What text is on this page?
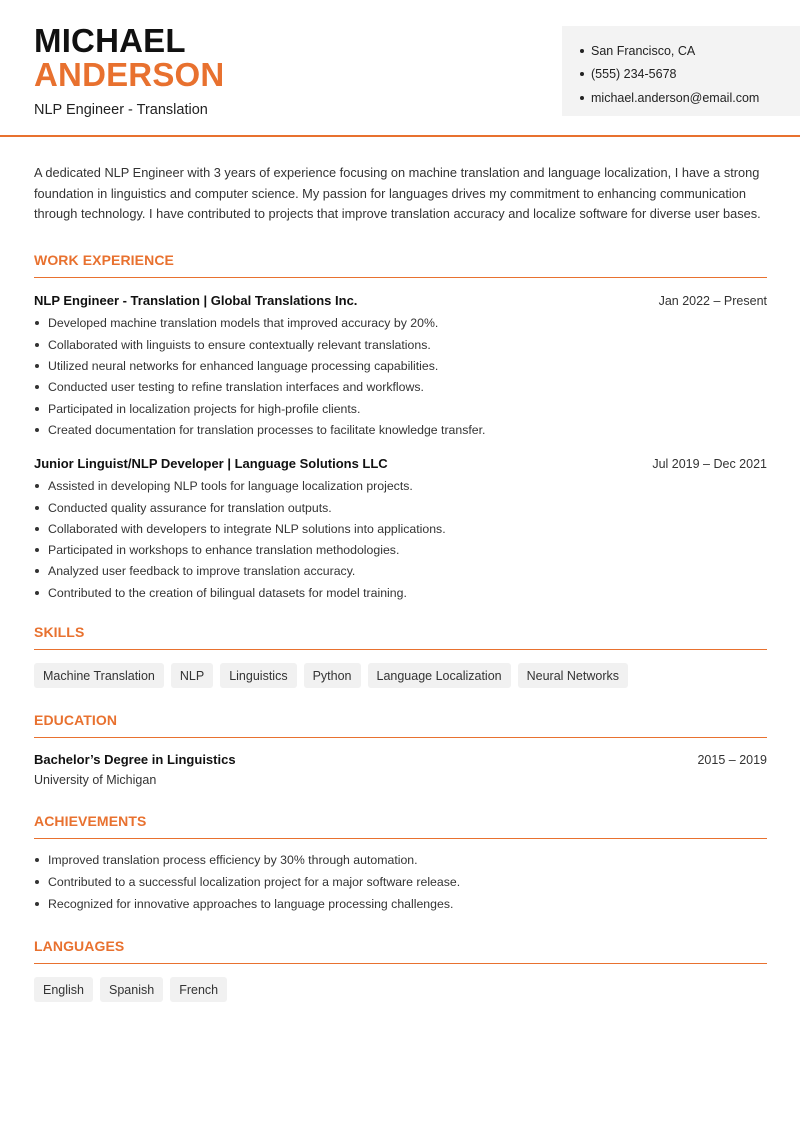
MICHAEL
ANDERSON
NLP Engineer - Translation
San Francisco, CA
(555) 234-5678
michael.anderson@email.com

A dedicated NLP Engineer with 3 years of experience focusing on machine translation and language localization, I have a strong foundation in linguistics and computer science. My passion for languages drives my commitment to enhancing communication through technology. I have contributed to projects that improve translation accuracy and localize software for diverse user bases.

WORK EXPERIENCE
NLP Engineer - Translation | Global Translations Inc.	Jan 2022 – Present
Developed machine translation models that improved accuracy by 20%.
Collaborated with linguists to ensure contextually relevant translations.
Utilized neural networks for enhanced language processing capabilities.
Conducted user testing to refine translation interfaces and workflows.
Participated in localization projects for high-profile clients.
Created documentation for translation processes to facilitate knowledge transfer.
Junior Linguist/NLP Developer | Language Solutions LLC	Jul 2019 – Dec 2021
Assisted in developing NLP tools for language localization projects.
Conducted quality assurance for translation outputs.
Collaborated with developers to integrate NLP solutions into applications.
Participated in workshops to enhance translation methodologies.
Analyzed user feedback to improve translation accuracy.
Contributed to the creation of bilingual datasets for model training.
SKILLS
Machine Translation	NLP	Linguistics	Python	Language Localization	Neural Networks
EDUCATION
Bachelor’s Degree in Linguistics	2015 – 2019
University of Michigan
ACHIEVEMENTS
Improved translation process efficiency by 30% through automation.
Contributed to a successful localization project for a major software release.
Recognized for innovative approaches to language processing challenges.
LANGUAGES
English	Spanish	French
